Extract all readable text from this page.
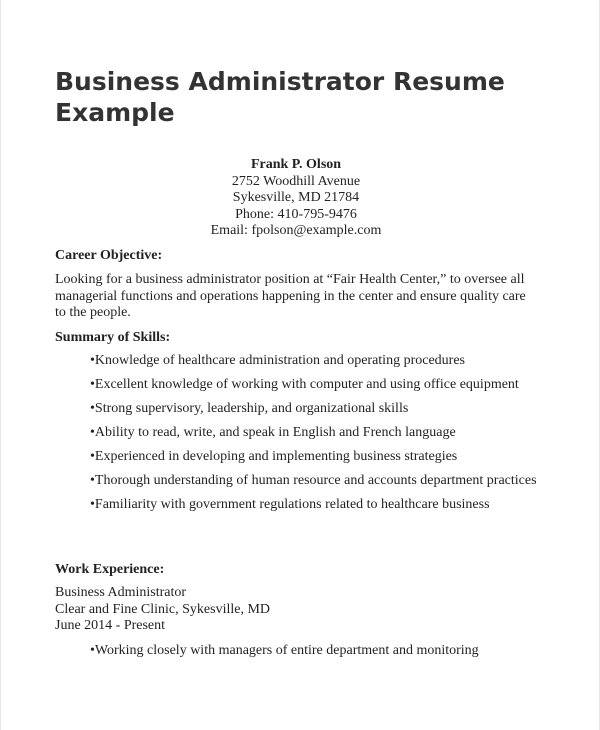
Business Administrator Resume Example
Frank P. Olson
2752 Woodhill Avenue
Sykesville, MD 21784
Phone: 410-795-9476
Email: fpolson@example.com
Career Objective:

Looking for a business administrator position at “Fair Health Center,” to oversee all managerial functions and operations happening in the center and ensure quality care to the people.

Summary of Skills:
•Knowledge of healthcare administration and operating procedures
•Excellent knowledge of working with computer and using office equipment
•Strong supervisory, leadership, and organizational skills
•Ability to read, write, and speak in English and French language
•Experienced in developing and implementing business strategies
•Thorough understanding of human resource and accounts department practices
•Familiarity with government regulations related to healthcare business
Work Experience:
Business Administrator
Clear and Fine Clinic, Sykesville, MD
June 2014 - Present
•Working closely with managers of entire department and monitoring
